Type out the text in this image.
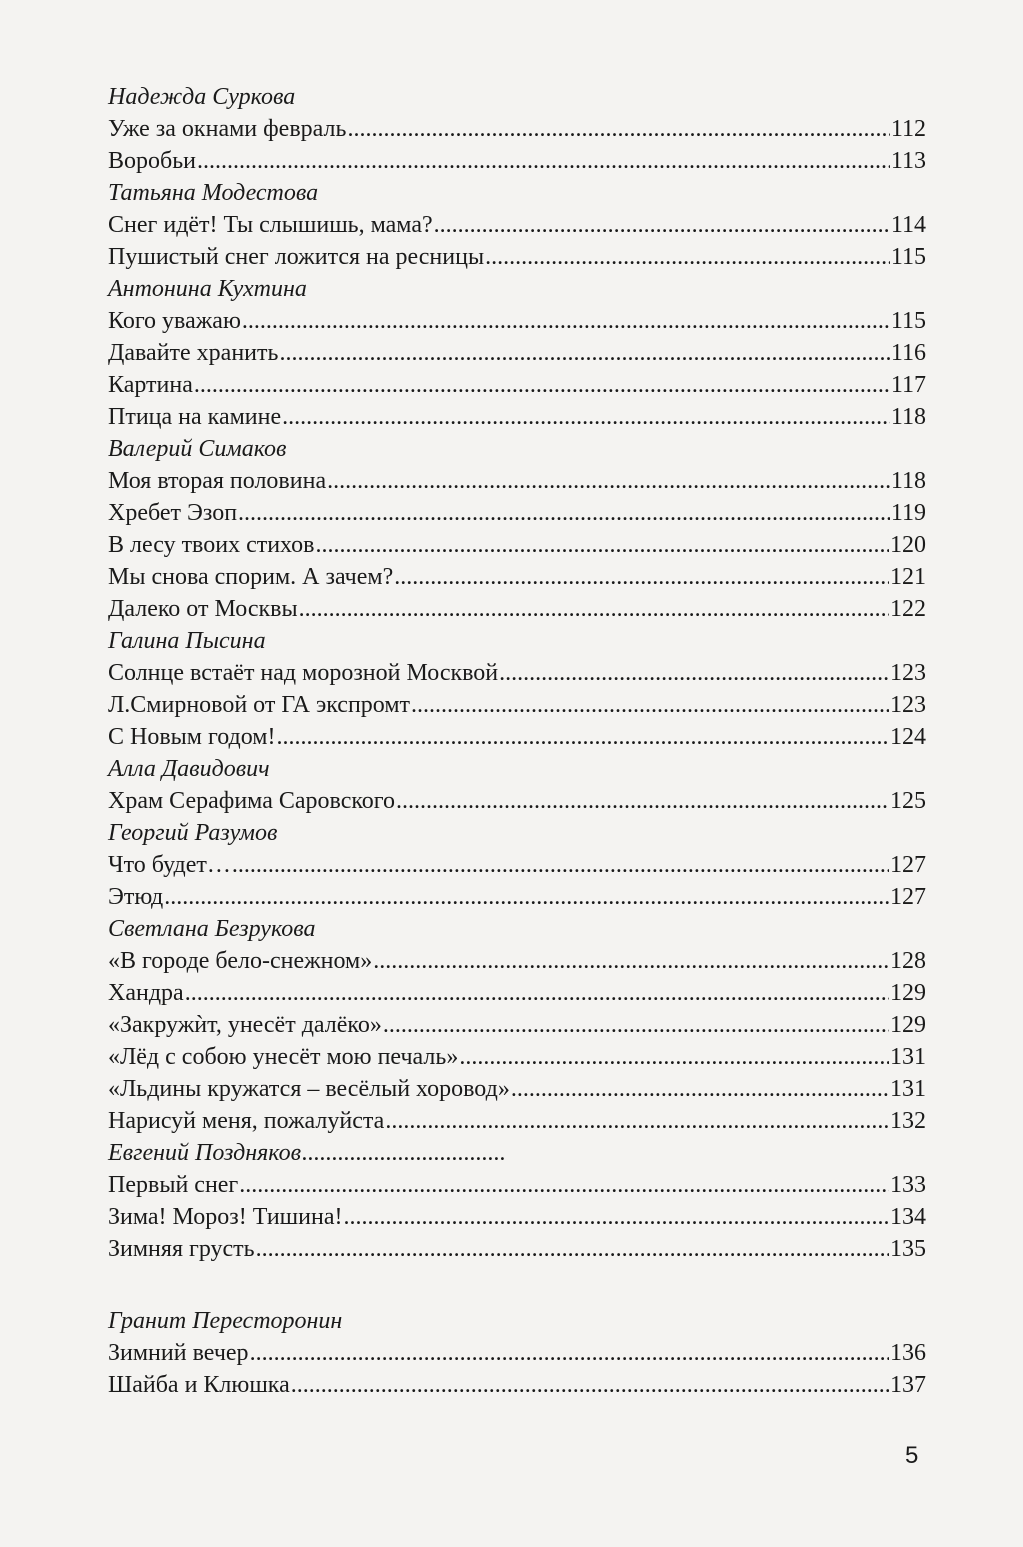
Надежда Суркова
Уже за окнами февраль .....	112
Воробьи .....	113
Татьяна Модестова
Снег идёт! Ты слышишь, мама? .....	114
Пушистый снег ложится на ресницы .....	115
Антонина Кухтина
Кого уважаю .....	115
Давайте хранить .....	116
Картина .....	117
Птица на камине .....	118
Валерий Симаков
Моя вторая половина .....	118
Хребет Эзоп .....	119
В лесу твоих стихов .....	120
Мы снова спорим. А зачем? .....	121
Далеко от Москвы .....	122
Галина Пысина
Солнце встаёт над морозной Москвой .....	123
Л.Смирновой от ГА экспромт .....	123
С Новым годом! .....	124
Алла Давидович
Храм Серафима Саровского .....	125
Георгий Разумов
Что будет… .....	127
Этюд .....	127
Светлана Безрукова
«В городе бело-снежном» .....	128
Хандра .....	129
«Закружѝт, унесёт далёко» .....	129
«Лёд с собою унесёт мою печаль» .....	131
«Льдины кружатся – весёлый хоровод» .....	131
Нарисуй меня, пожалуйста .....	132
Евгений Поздняков
.....
Первый снег .....	133
Зима! Мороз! Тишина! .....	134
Зимняя грусть .....	135
Гранит Пересторонин
Зимний вечер .....	136
Шайба и Клюшка .....	137
5
